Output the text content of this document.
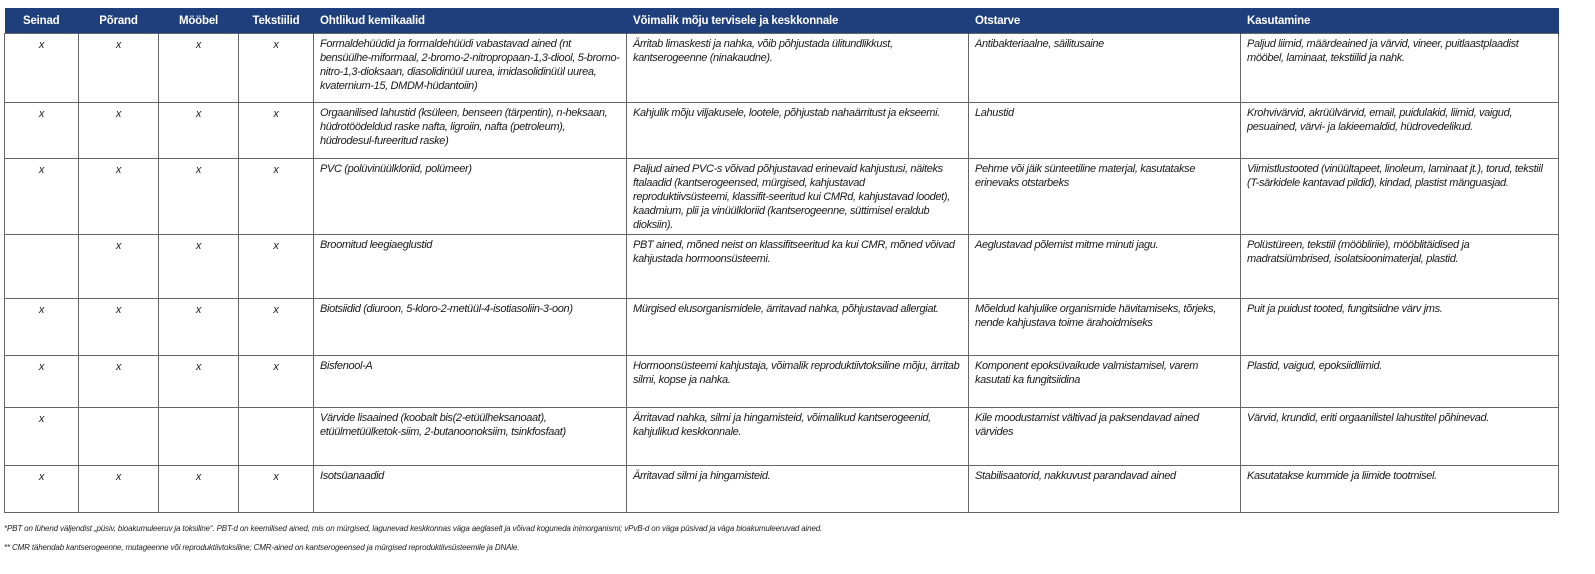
Seinad	Põrand	Mööbel	Tekstiilid	Ohtlikud kemikaalid	Võimalik mõju tervisele ja keskkonnale	Otstarve	Kasutamine
x	x	x	x	Formaldehüüdid ja formaldehüüdi vabastavad ained (nt bensüülhe-miformaal, 2-bromo-2-nitropropaan-1,3-diool, 5-bromo-nitro-1,3-dioksaan, diasolidinüül uurea, imidasolidinüül uurea, kvaternium-15, DMDM-hüdantoiin)	Ärritab limaskesti ja nahka, võib põhjustada ülitundlikkust, kantserogeenne (ninakaudne).	Antibakteriaalne, säilitusaine	Paljud liimid, määrdeained ja värvid, vineer, puitlaastplaadist mööbel, laminaat, tekstiilid ja nahk.
x	x	x	x	Orgaanilised lahustid (ksüleen, benseen (tärpentin), n-heksaan, hüdrotöödeldud raske nafta, ligroiin, nafta (petroleum), hüdrodesul-fureeritud raske)	Kahjulik mõju viljakusele, lootele, põhjustab nahaärritust ja ekseemi.	Lahustid	Krohvivärvid, akrüülvärvid, email, puidulakid, liimid, vaigud, pesuained, värvi- ja lakieemaldid, hüdrovedelikud.
x	x	x	x	PVC (polüvinüülkloriid, polümeer)	Paljud ained PVC-s võivad põhjustavad erinevaid kahjustusi, näiteks ftalaadid (kantserogeensed, mürgised, kahjustavad reproduktiivsüsteemi, klassifit-seeritud kui CMRd, kahjustavad loodet), kaadmium, plii ja vinüülkloriid (kantserogeenne, süttimisel eraldub dioksiin).	Pehme või jäik sünteetiline materjal, kasutatakse erinevaks otstarbeks	Viimistlustooted (vinüültapeet, linoleum, laminaat jt.), torud, tekstiil (T-särkidele kantavad pildid), kindad, plastist mänguasjad.
	x	x	x	Broomitud leegiaeglustid	PBT ained, mõned neist on klassifitseeritud ka kui CMR, mõned võivad kahjustada hormoonsüsteemi.	Aeglustavad põlemist mitme minuti jagu.	Polüstüreen, tekstiil (mööbliriie), mööblitäidised ja madratsiümbrised, isolatsioonimaterjal, plastid.
x	x	x	x	Biotsiidid (diuroon, 5-kloro-2-metüül-4-isotiasoliin-3-oon)	Mürgised elusorganismidele, ärritavad nahka, põhjustavad allergiat.	Mõeldud kahjulike organismide hävitamiseks, tõrjeks, nende kahjustava toime ärahoidmiseks	Puit ja puidust tooted, fungitsiidne värv jms.
x	x	x	x	Bisfenool-A	Hormoonsüsteemi kahjustaja, võimalik reproduktiivtoksiline mõju, ärritab silmi, kopse ja nahka.	Komponent epoksüvaikude valmistamisel, varem kasutati ka fungitsiidina	Plastid, vaigud, epoksiidliimid.
x				Värvide lisaained (koobalt bis(2-etüülheksanoaat), etüülmetüülketok-siim, 2-butanoonoksiim, tsinkfosfaat)	Ärritavad nahka, silmi ja hingamisteid, võimalikud kantserogeenid, kahjulikud keskkonnale.	Kile moodustamist vältivad ja paksendavad ained värvides	Värvid, krundid, eriti orgaanilistel lahustitel põhinevad.
x	x	x	x	Isotsüanaadid	Ärritavad silmi ja hingamisteid.	Stabilisaatorid, nakkuvust parandavad ained	Kasutatakse kummide ja liimide tootmisel.
*PBT on lühend väljendist „püsiv, bioakumuleeruv ja toksiline“. PBT-d on keemilised ained, mis on mürgised, lagunevad keskkonnas väga aeglaselt ja võivad koguneda inimorganismi; vPvB-d on väga püsivad ja väga bioakumuleeruvad ained.
** CMR tähendab kantserogeenne, mutageenne või reproduktiivtoksiline; CMR-ained on kantserogeensed ja mürgised reproduktiivsüsteemile ja DNAle.
